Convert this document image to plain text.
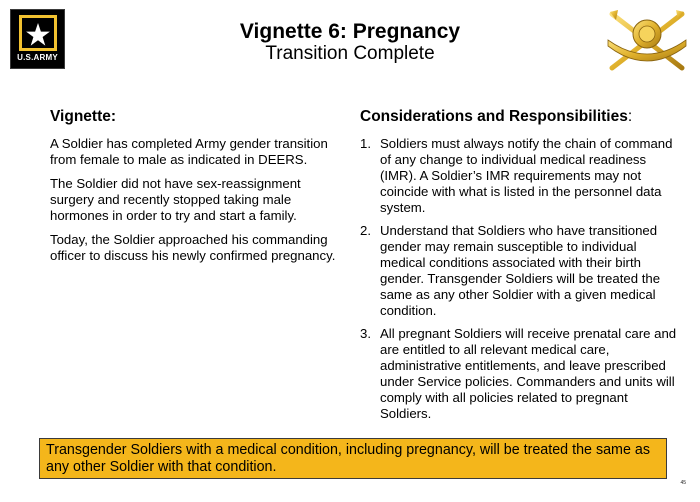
U.S.ARMY
Vignette 6: Pregnancy
Transition Complete
Vignette:
A Soldier has completed Army gender transition from female to male as indicated in DEERS.
The Soldier did not have sex-reassignment surgery and recently stopped taking male hormones in order to try and start a family.
Today, the Soldier approached his commanding officer to discuss his newly confirmed pregnancy.
Considerations and Responsibilities:
1. Soldiers must always notify the chain of command of any change to individual medical readiness (IMR). A Soldier’s IMR requirements may not coincide with what is listed in the personnel data system.
2. Understand that Soldiers who have transitioned gender may remain susceptible to individual medical conditions associated with their birth gender. Transgender Soldiers will be treated the same as any other Soldier with a given medical condition.
3. All pregnant Soldiers will receive prenatal care and are entitled to all relevant medical care, administrative entitlements, and leave prescribed under Service policies. Commanders and units will comply with all policies related to pregnant Soldiers.
Transgender Soldiers with a medical condition, including pregnancy, will be treated the same as any other Soldier with that condition.
45
